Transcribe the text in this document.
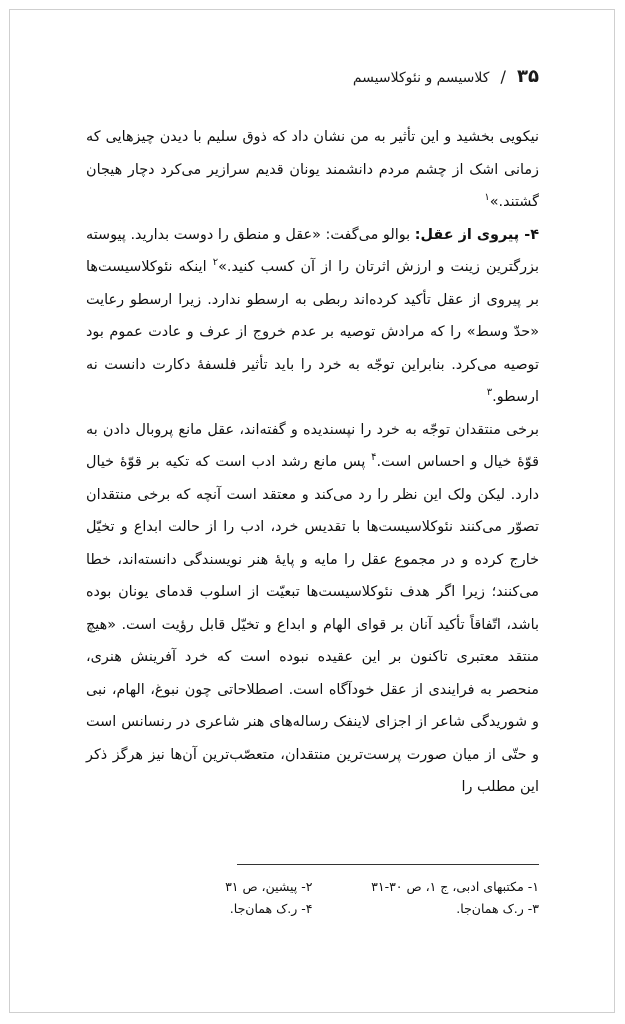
۳۵ / کلاسیسم و نئوکلاسیسم

نیکویی بخشید و این تأثیر به من نشان داد که ذوق سلیم با دیدن چیزهایی که زمانی اشک از چشم مردم دانشمند یونان قدیم سرازیر می‌کرد دچار هیجان گشتند.»$^۱$

۴- پیروی از عقل: بوالو می‌گفت: «عقل و منطق را دوست بدارید. پیوسته بزرگترین زینت و ارزش اثرتان را از آن کسب کنید.»$^۲$ اینکه نئوکلاسیست‌ها بر پیروی از عقل تأکید کرده‌اند ربطی به ارسطو ندارد. زیرا ارسطو رعایت «حدّ وسط» را که مرادش توصیه بر عدم خروج از عرف و عادت عموم بود توصیه می‌کرد. بنابراین توجّه به خرد را باید تأثیر فلسفهٔ دکارت دانست نه ارسطو.$^۳$

برخی منتقدان توجّه به خرد را نپسندیده و گفته‌اند، عقل مانع پروبال دادن به قوّهٔ خیال و احساس است.$^۴$ پس مانع رشد ادب است که تکیه بر قوّهٔ خیال دارد. لیکن ولک این نظر را رد می‌کند و معتقد است آنچه که برخی منتقدان تصوّر می‌کنند نئوکلاسیست‌ها با تقدیس خرد، ادب را از حالت ابداع و تخیّل خارج کرده و در مجموع عقل را مایه و پایهٔ هنر نویسندگی دانسته‌اند، خطا می‌کنند؛ زیرا اگر هدف نئوکلاسیست‌ها تبعیّت از اسلوب قدمای یونان بوده باشد، اتّفاقاً تأکید آنان بر قوای الهام و ابداع و تخیّل قابل رؤیت است. «هیچ منتقد معتبری تاکنون بر این عقیده نبوده است که خرد آفرینش هنری، منحصر به فرایندی از عقل خودآگاه است. اصطلاحاتی چون نبوغ، الهام، نبی و شوریدگی شاعر از اجزای لاینفک رساله‌های هنر شاعری در رنسانس است و حتّی از میان صورت پرست‌ترین منتقدان، متعصّب‌ترین آن‌ها نیز هرگز ذکر این مطلب را

۱- مکتبهای ادبی، ج ۱، ص ۳۰-۳۱
۲- پیشین، ص ۳۱
۳- ر.ک همان‌جا.
۴- ر.ک همان‌جا.
